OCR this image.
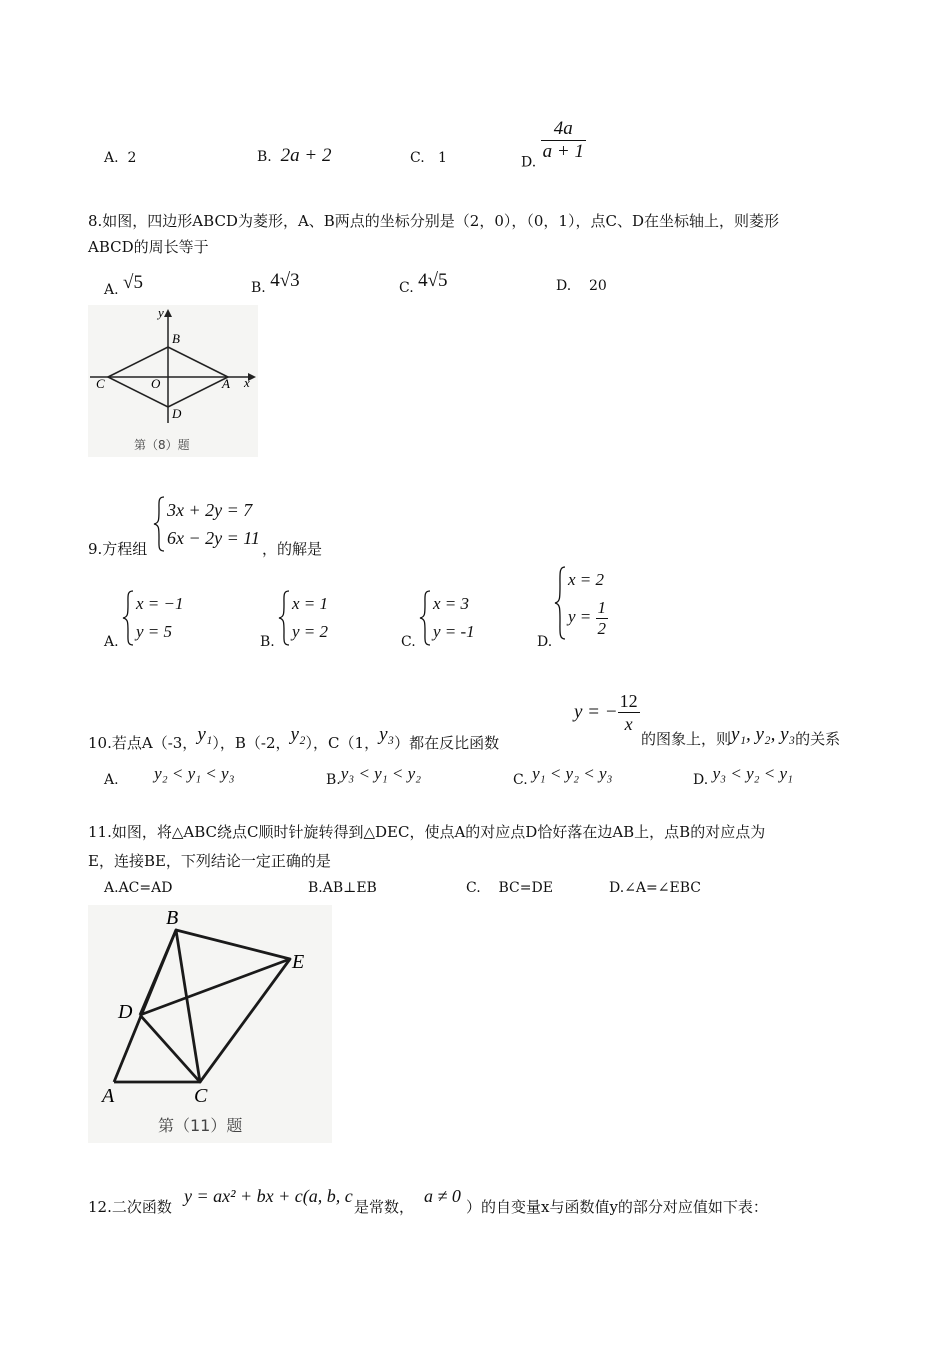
A. 2	B. 2a + 2	C. 1	D. $\frac{4a}{a + 1}$
8.如图，四边形ABCD为菱形，A、B两点的坐标分别是（2，0），（0，1），点C、D在坐标轴上，则菱形
ABCD的周长等于
A. √5	B. 4√3	C. 4√5	D. 20
y
x
B
C	O	A
D
第（8）题
9.方程组
3x + 2y = 7
6x − 2y = 11
，的解是
A.
x = −1
y = 5
B.
x = 1
y = 2
C.
x = 3
y = -1
D.
x = 2
$y = \frac{1}{2}$
10.若点A（-3，y₁），B（-2，y₂），C（1，y₃）都在反比函数
y = − $\frac{12}{x}$
的图象上，则y₁, y₂, y₃的关系
A. y₂ < y₁ < y₃	B.y₃ < y₁ < y₂	C. y₁ < y₂ < y₃	D. y₃ < y₂ < y₁
11.如图，将△ABC绕点C顺时针旋转得到△DEC，使点A的对应点D恰好落在边AB上，点B的对应点为
E，连接BE，下列结论一定正确的是
A.AC=AD	B.AB⊥EB	C. BC=DE	D.∠A=∠EBC
B
E
D
A	C
第（11）题
12.二次函数
y = ax² + bx + c(a, b, c
是常数，
a ≠ 0
）的自变量x与函数值y的部分对应值如下表：
